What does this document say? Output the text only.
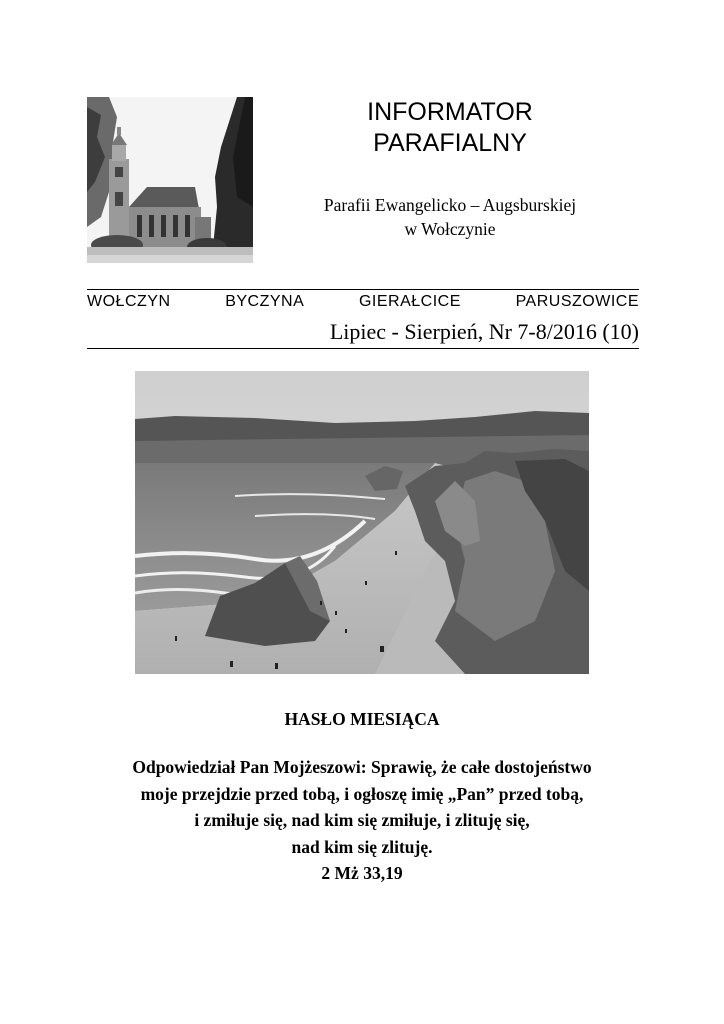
INFORMATOR
PARAFIALNY
Parafii Ewangelicko – Augsburskiej
w Wołczynie
WOŁCZYN	BYCZYNA	GIERAŁCICE	PARUSZOWICE
Lipiec - Sierpień, Nr 7-8/2016 (10)
HASŁO MIESIĄCA
Odpowiedział Pan Mojżeszowi: Sprawię, że całe dostojeństwo
moje przejdzie przed tobą, i ogłoszę imię „Pan” przed tobą,
i zmiłuje się, nad kim się zmiłuje, i zlituję się,
nad kim się zlituję.
2 Mż 33,19
